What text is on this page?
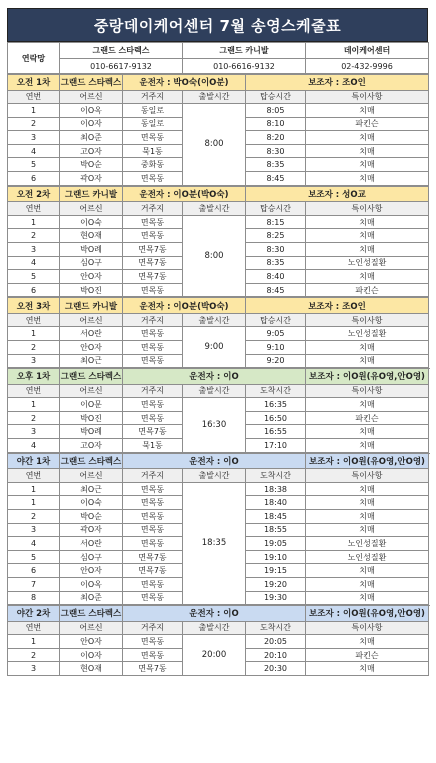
중랑데이케어센터 7월 송영스케줄표
연락망	그랜드 스타렉스	그랜드 카니발	데이케어센터
	010-6617-9132	010-6616-9132	02-432-9996
오전 1차	그랜드 스타렉스	운전자 : 박O숙(이O분)		보조자 : 조O인	
연번	어르신	거주지	출발시간	탑승시간	특이사항
1	이O옥	동일로	8:00	8:05	치매
2	이O자	동일로		8:10	파킨슨
3	최O준	면목동		8:20	치매
4	고O자	묵1동		8:30	치매
5	박O순	중화동		8:35	치매
6	곽O자	면목동		8:45	치매
오전 2차	그랜드 카니발	운전자 : 이O분(박O숙)		보조자 : 성O교	
연번	어르신	거주지	출발시간	탑승시간	특이사항
1	이O숙	면목동	8:00	8:15	치매
2	현O재	면목동		8:25	치매
3	박O례	면목7동		8:30	치매
4	심O구	면목7동		8:35	노인성질환
5	안O자	면목7동		8:40	치매
6	박O진	면목동		8:45	파킨슨
오전 3차	그랜드 카니발	운전자 : 이O분(박O숙)		보조자 : 조O인	
연번	어르신	거주지	출발시간	탑승시간	특이사항
1	서O란	면목동	9:00	9:05	노인성질환
2	안O자	면목동		9:10	치매
3	최O근	면목동		9:20	치매
오후 1차	그랜드 스타렉스	운전자 : 이O			보조자 : 이O원(유O영,안O영)
연번	어르신	거주지	출발시간	도착시간	특이사항
1	이O문	면목동	16:30	16:35	치매
2	박O진	면목동		16:50	파킨슨
3	박O례	면목7동		16:55	치매
4	고O자	묵1동		17:10	치매
야간 1차	그랜드 스타렉스	운전자 : 이O			보조자 : 이O원(유O영,안O영)
연번	어르신	거주지	출발시간	도착시간	특이사항
1	최O근	면목동	18:35	18:38	치매
1	이O숙	면목동		18:40	치매
2	박O순	면목동		18:45	치매
3	곽O자	면목동		18:55	치매
4	서O란	면목동		19:05	노인성질환
5	심O구	면목7동		19:10	노인성질환
6	안O자	면목7동		19:15	치매
7	이O옥	면목동		19:20	치매
8	최O준	면목동		19:30	치매
야간 2차	그랜드 스타렉스	운전자 : 이O			보조자 : 이O원(유O영,안O영)
연번	어르신	거주지	출발시간	도착시간	특이사항
1	안O자	면목동	20:00	20:05	치매
2	이O자	면목동		20:10	파킨슨
3	현O재	면목7동		20:30	치매
